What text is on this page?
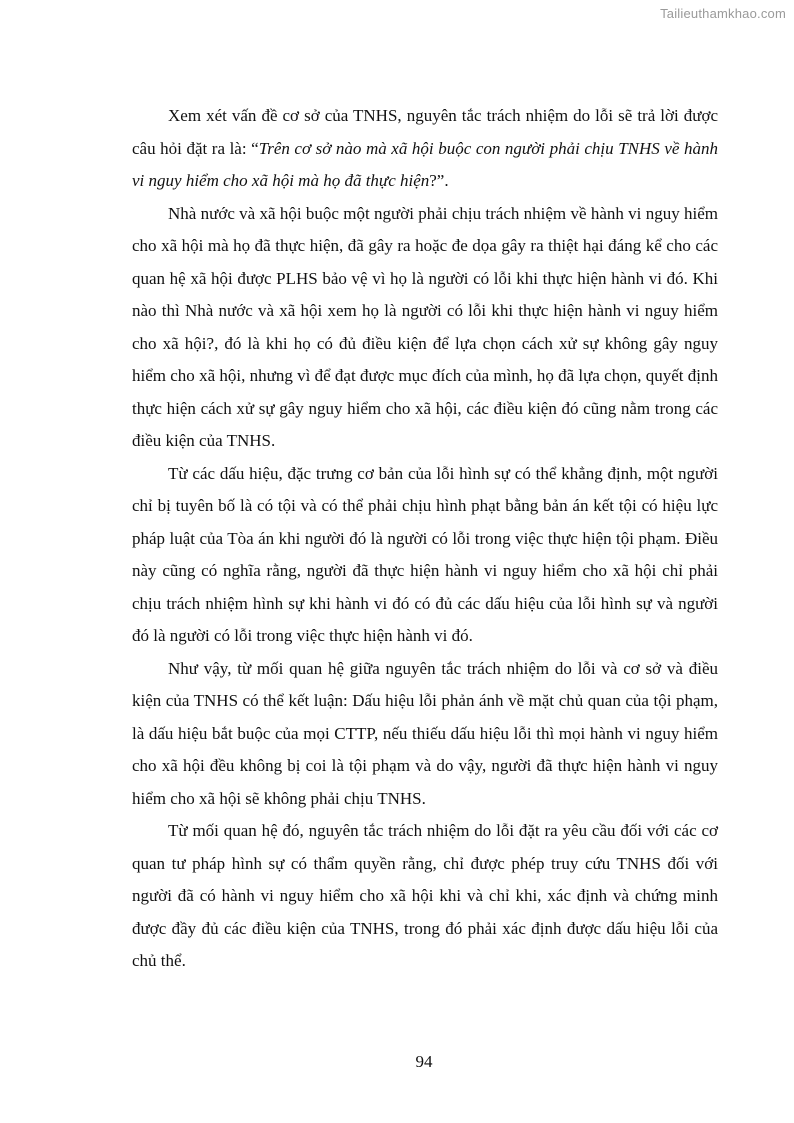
Tailieuthamkhao.com

Xem xét vấn đề cơ sở của TNHS, nguyên tắc trách nhiệm do lỗi sẽ trả lời được câu hỏi đặt ra là: “Trên cơ sở nào mà xã hội buộc con người phải chịu TNHS về hành vi nguy hiểm cho xã hội mà họ đã thực hiện?”.

Nhà nước và xã hội buộc một người phải chịu trách nhiệm về hành vi nguy hiểm cho xã hội mà họ đã thực hiện, đã gây ra hoặc đe dọa gây ra thiệt hại đáng kể cho các quan hệ xã hội được PLHS bảo vệ vì họ là người có lỗi khi thực hiện hành vi đó. Khi nào thì Nhà nước và xã hội xem họ là người có lỗi khi thực hiện hành vi nguy hiểm cho xã hội?, đó là khi họ có đủ điều kiện để lựa chọn cách xử sự không gây nguy hiểm cho xã hội, nhưng vì để đạt được mục đích của mình, họ đã lựa chọn, quyết định thực hiện cách xử sự gây nguy hiểm cho xã hội, các điều kiện đó cũng nằm trong các điều kiện của TNHS.

Từ các dấu hiệu, đặc trưng cơ bản của lỗi hình sự có thể khẳng định, một người chỉ bị tuyên bố là có tội và có thể phải chịu hình phạt bằng bản án kết tội có hiệu lực pháp luật của Tòa án khi người đó là người có lỗi trong việc thực hiện tội phạm. Điều này cũng có nghĩa rằng, người đã thực hiện hành vi nguy hiểm cho xã hội chỉ phải chịu trách nhiệm hình sự khi hành vi đó có đủ các dấu hiệu của lỗi hình sự và người đó là người có lỗi trong việc thực hiện hành vi đó.

Như vậy, từ mối quan hệ giữa nguyên tắc trách nhiệm do lỗi và cơ sở và điều kiện của TNHS có thể kết luận: Dấu hiệu lỗi phản ánh về mặt chủ quan của tội phạm, là dấu hiệu bắt buộc của mọi CTTP, nếu thiếu dấu hiệu lỗi thì mọi hành vi nguy hiểm cho xã hội đều không bị coi là tội phạm và do vậy, người đã thực hiện hành vi nguy hiểm cho xã hội sẽ không phải chịu TNHS.

Từ mối quan hệ đó, nguyên tắc trách nhiệm do lỗi đặt ra yêu cầu đối với các cơ quan tư pháp hình sự có thẩm quyền rằng, chỉ được phép truy cứu TNHS đối với người đã có hành vi nguy hiểm cho xã hội khi và chỉ khi, xác định và chứng minh được đầy đủ các điều kiện của TNHS, trong đó phải xác định được dấu hiệu lỗi của chủ thể.

94
